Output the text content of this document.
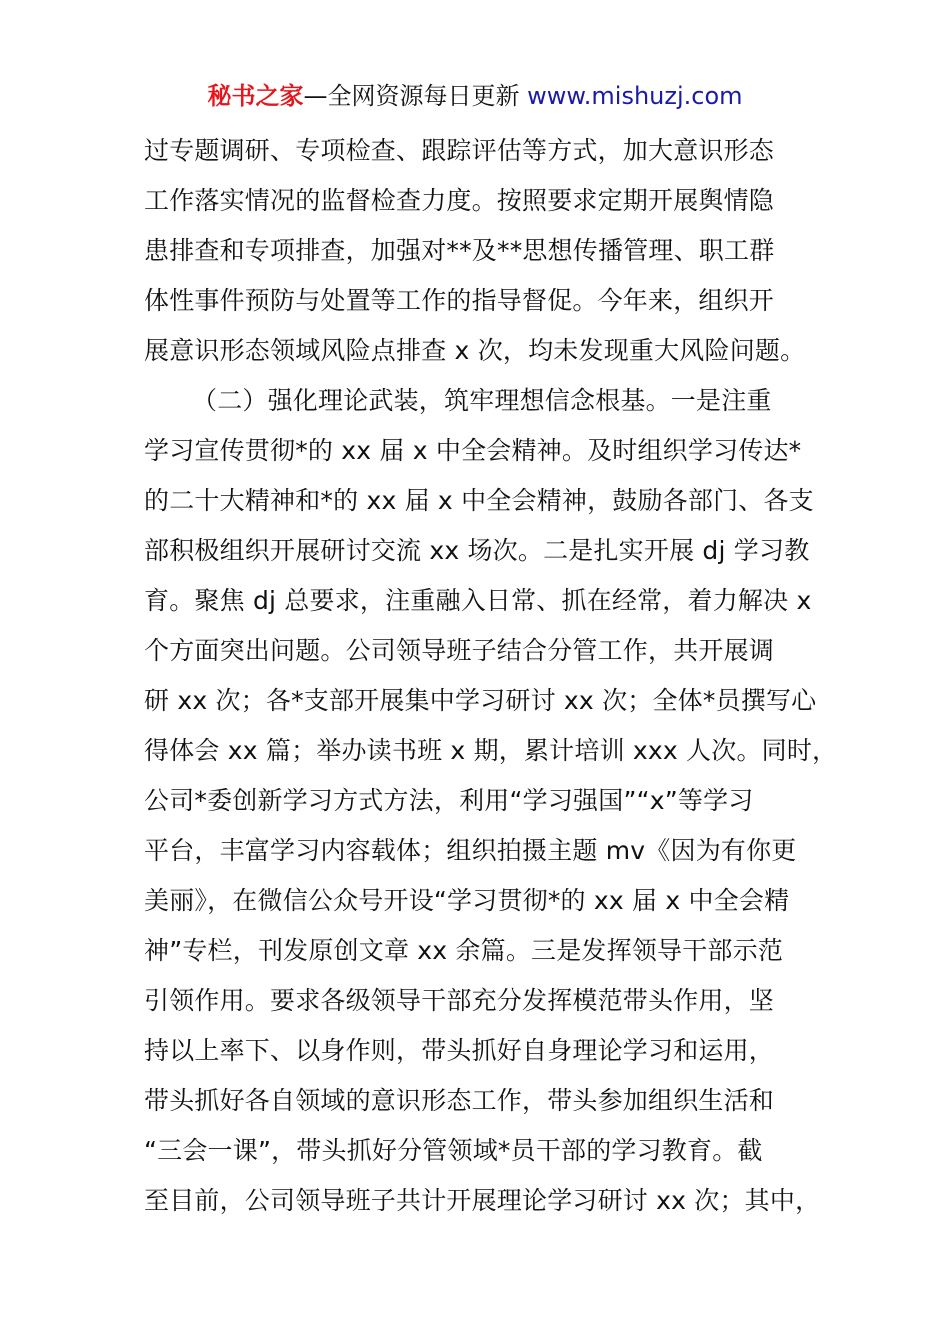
秘书之家—全网资源每日更新 www.mishuzj.com
过专题调研、专项检查、跟踪评估等方式，加大意识形态
工作落实情况的监督检查力度。按照要求定期开展舆情隐
患排查和专项排查，加强对**及**思想传播管理、职工群
体性事件预防与处置等工作的指导督促。今年来，组织开
展意识形态领域风险点排查 x 次，均未发现重大风险问题。
（二）强化理论武装，筑牢理想信念根基。一是注重
学习宣传贯彻*的 xx 届 x 中全会精神。及时组织学习传达*
的二十大精神和*的 xx 届 x 中全会精神，鼓励各部门、各支
部积极组织开展研讨交流 xx 场次。二是扎实开展 dj 学习教
育。聚焦 dj 总要求，注重融入日常、抓在经常，着力解决 x
个方面突出问题。公司领导班子结合分管工作，共开展调
研 xx 次；各*支部开展集中学习研讨 xx 次；全体*员撰写心
得体会 xx 篇；举办读书班 x 期，累计培训 xxx 人次。同时，
公司*委创新学习方式方法，利用“学习强国”“x”等学习
平台，丰富学习内容载体；组织拍摄主题 mv《因为有你更
美丽》，在微信公众号开设“学习贯彻*的 xx 届 x 中全会精
神”专栏，刊发原创文章 xx 余篇。三是发挥领导干部示范
引领作用。要求各级领导干部充分发挥模范带头作用，坚
持以上率下、以身作则，带头抓好自身理论学习和运用，
带头抓好各自领域的意识形态工作，带头参加组织生活和
“三会一课”，带头抓好分管领域*员干部的学习教育。截
至目前，公司领导班子共计开展理论学习研讨 xx 次；其中，
